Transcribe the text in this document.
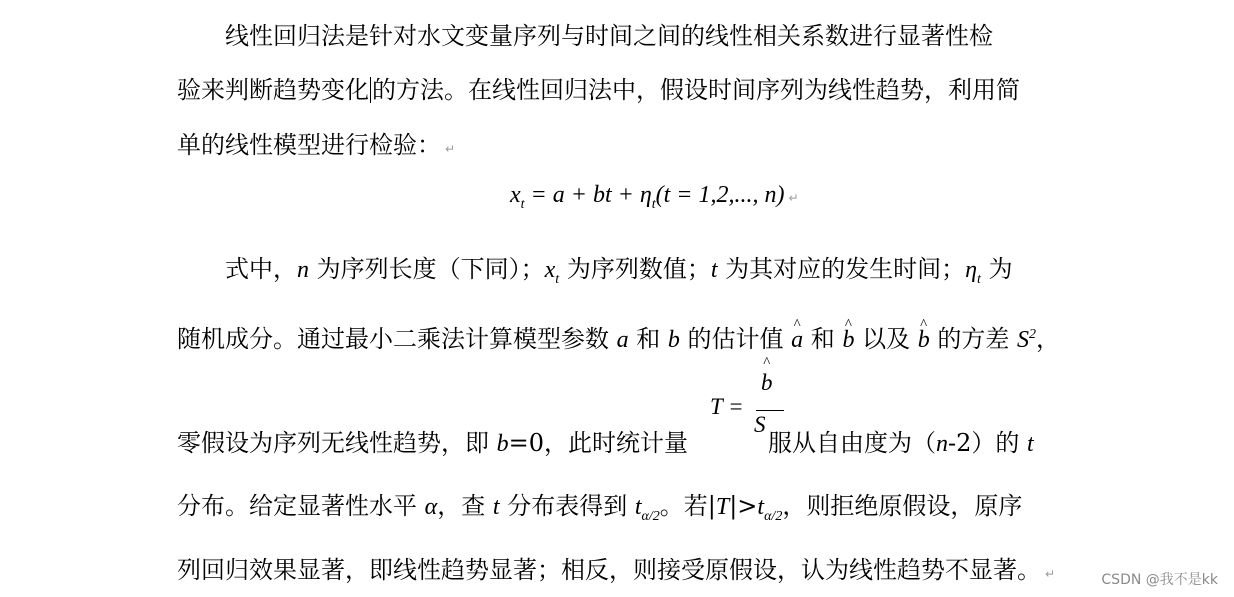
线性回归法是针对水文变量序列与时间之间的线性相关系数进行显著性检
验来判断趋势变化 的方法。在线性回归法中，假设时间序列为线性趋势，利用简
单的线性模型进行检验： ↵
$x_t = a$ + bt + $\eta_t(t = 1,2$,..., n) ↵
式中，n 为序列长度（下同）；$x_t$ 为序列数值；t 为其对应的发生时间；$\eta_t$ 为
随机成分。通过最小二乘法计算模型参数 a 和 b 的估计值 ^ a 和 ^ b 以及 ^ b 的方差 $S^2$，
T =
^ b
S
零假设为序列无线性趋势，即 b=0，此时统计量	服从自由度为（n-2）的 t
分布。给定显著性水平 α，查 t 分布表得到 $t_{\alpha/2}$。若$|T|>t_{\alpha/2}$，则拒绝原假设，原序
列回归效果显著，即线性趋势显著；相反，则接受原假设，认为线性趋势不显著。 ↵	CSDN @我不是kk
